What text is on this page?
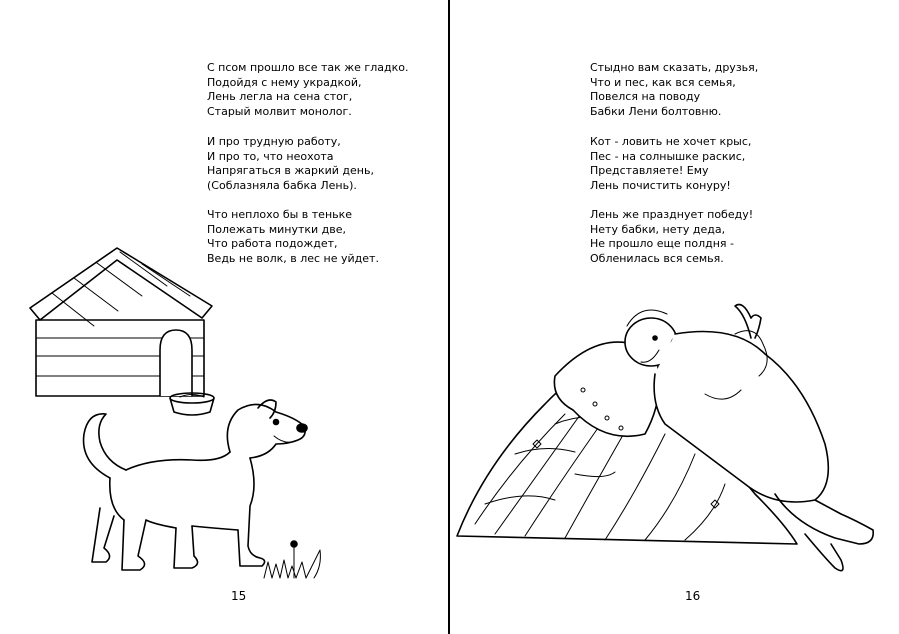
С псом прошло все так же гладко.
Подойдя с нему украдкой,
Лень легла на сена стог,
Старый молвит монолог.
И про трудную работу,
И про то, что неохота
Напрягаться в жаркий день,
(Соблазняла бабка Лень).
Что неплохо бы в теньке
Полежать минутки две,
Что работа подождет,
Ведь не волк, в лес не уйдет.
15
Стыдно вам сказать, друзья,
Что и пес, как вся семья,
Повелся на поводу
Бабки Лени болтовню.
Кот - ловить не хочет крыс,
Пес - на солнышке раскис,
Представляете! Ему
Лень почистить конуру!
Лень же празднует победу!
Нету бабки, нету деда,
Не прошло еще полдня -
Обленилась вся семья.
16
